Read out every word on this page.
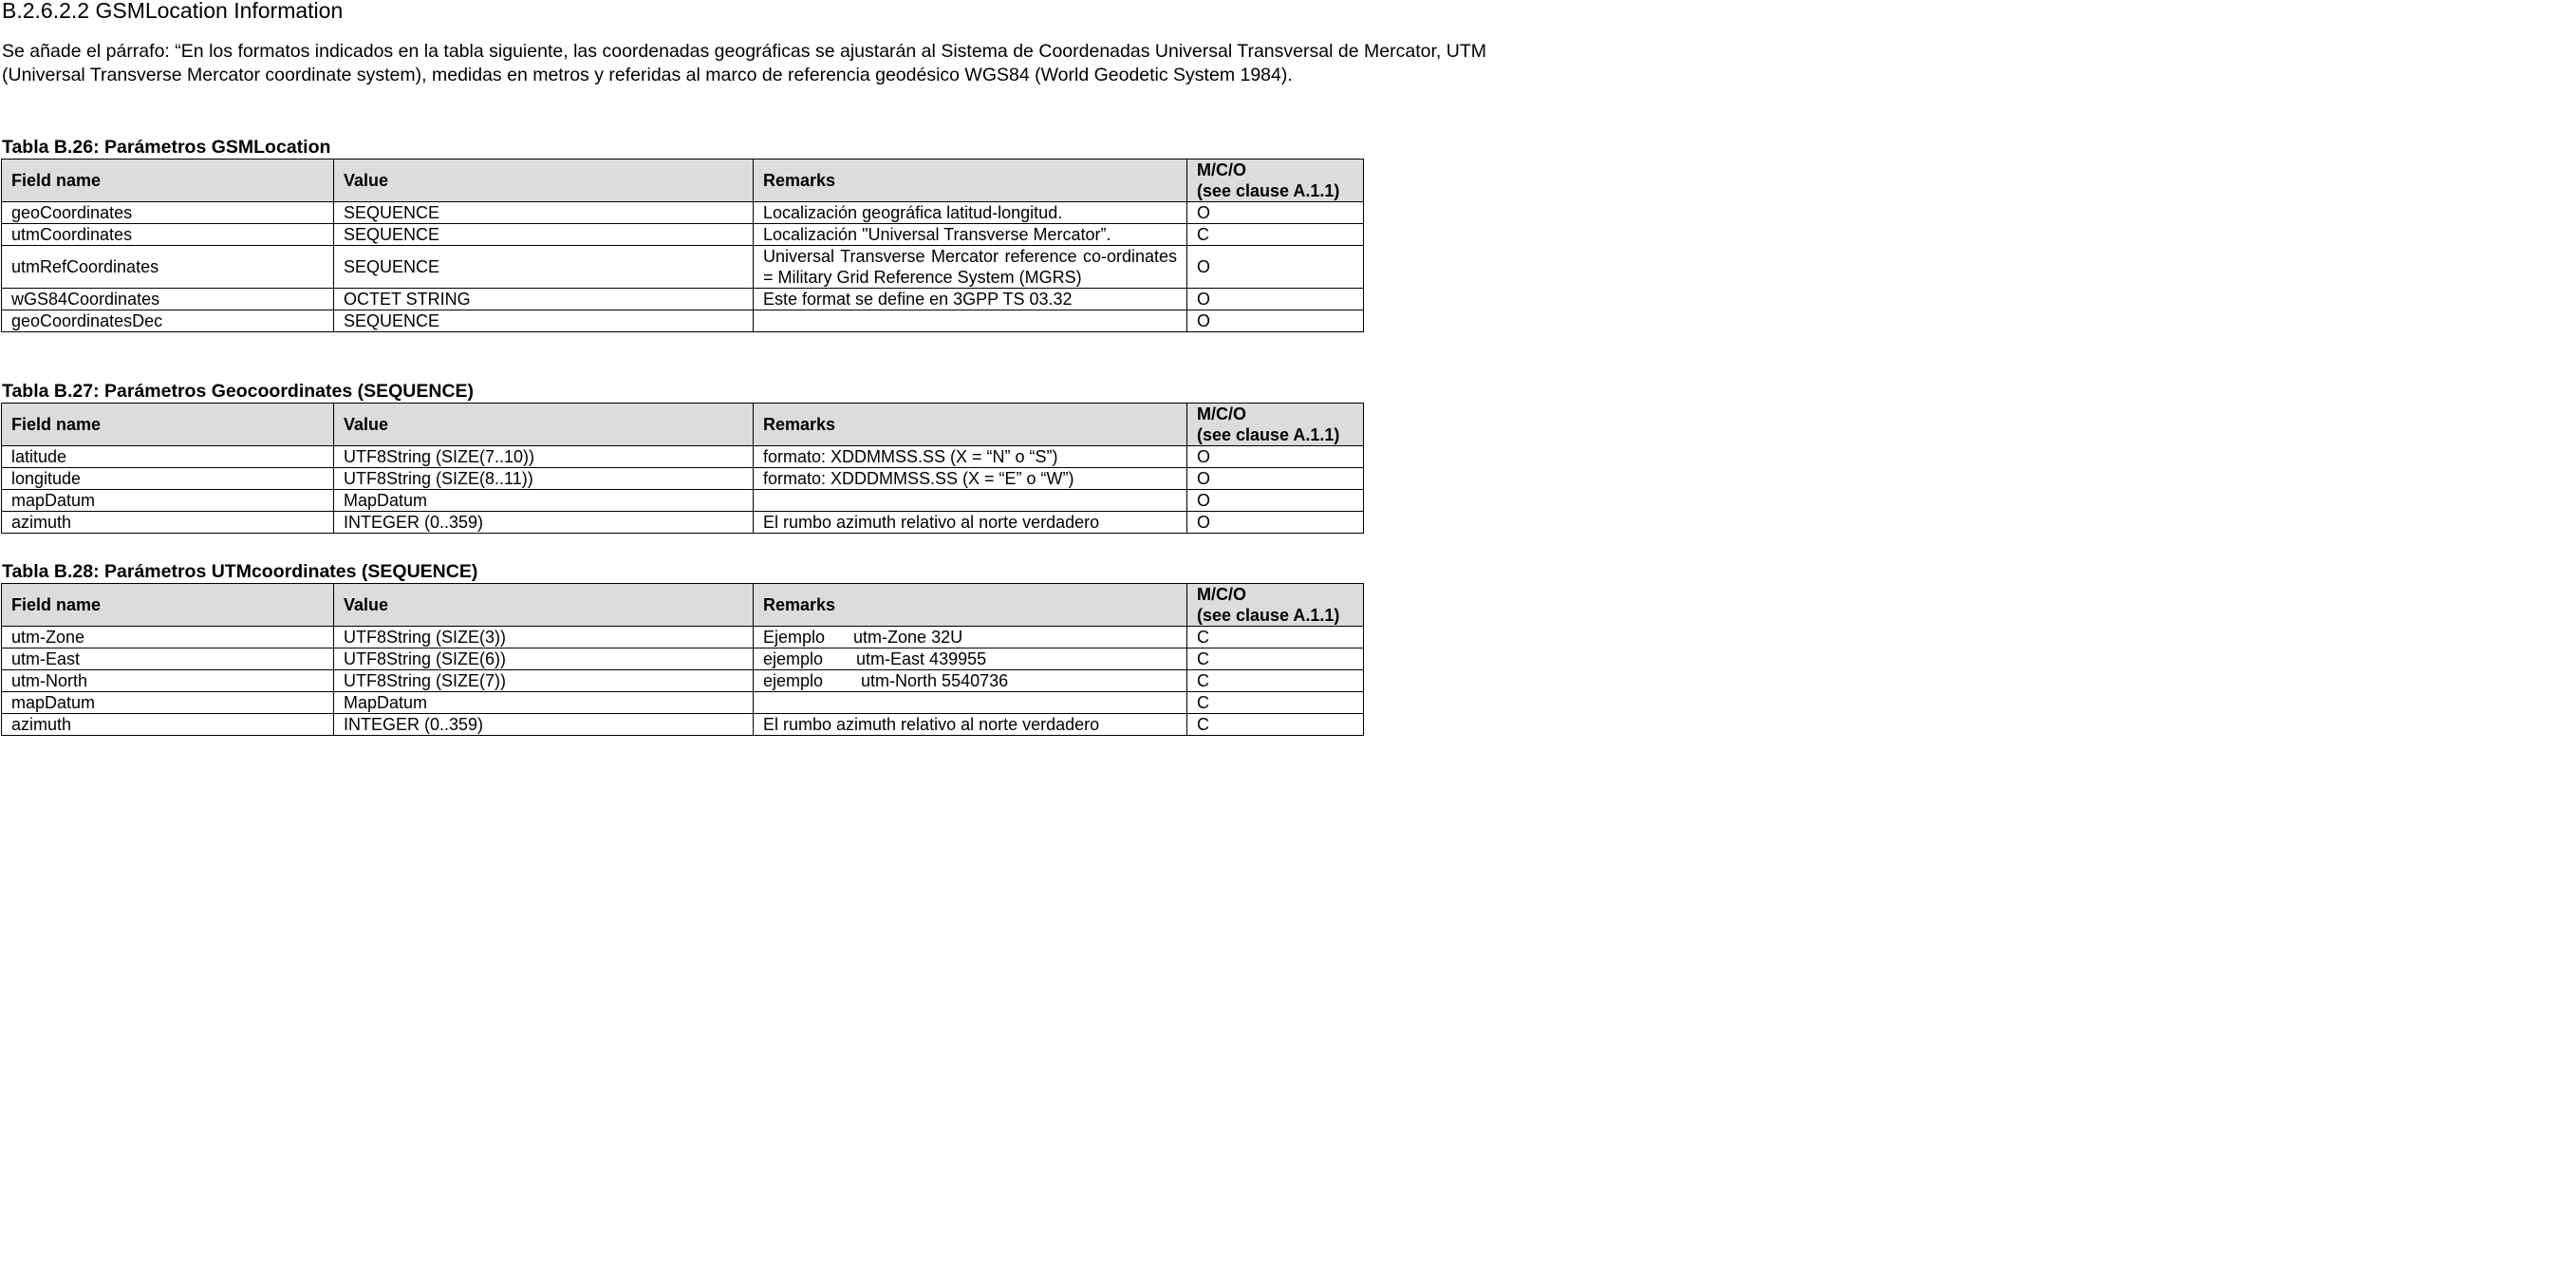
B.2.6.2.2 GSMLocation Information

Se añade el párrafo: “En los formatos indicados en la tabla siguiente, las coordenadas geográficas se ajustarán al Sistema de Coordenadas Universal Transversal de Mercator, UTM (Universal Transverse Mercator coordinate system), medidas en metros y referidas al marco de referencia geodésico WGS84 (World Geodetic System 1984).

Tabla B.26: Parámetros GSMLocation
Field name	Value	Remarks	M/C/O
(see clause A.1.1)

geoCoordinates	SEQUENCE	Localización geográfica latitud-longitud.	O
utmCoordinates	SEQUENCE	Localización "Universal Transverse Mercator”.	C
utmRefCoordinates	SEQUENCE	Universal Transverse Mercator reference co-ordinates = Military Grid Reference System (MGRS)	O
wGS84Coordinates	OCTET STRING	Este format se define en 3GPP TS 03.32	O
geoCoordinatesDec	SEQUENCE		O
Tabla B.27: Parámetros Geocoordinates (SEQUENCE)
Field name	Value	Remarks	M/C/O
(see clause A.1.1)

latitude	UTF8String (SIZE(7..10))	formato: XDDMMSS.SS (X = “N” o “S”)	O
longitude	UTF8String (SIZE(8..11))	formato: XDDDMMSS.SS (X = “E” o “W”)	O
mapDatum	MapDatum		O
azimuth	INTEGER (0..359)	El rumbo azimuth relativo al norte verdadero	O
Tabla B.28: Parámetros UTMcoordinates (SEQUENCE)
Field name	Value	Remarks	M/C/O
(see clause A.1.1)

utm-Zone	UTF8String (SIZE(3))	Ejemplo      utm-Zone 32U	C
utm-East	UTF8String (SIZE(6))	ejemplo       utm-East 439955	C
utm-North	UTF8String (SIZE(7))	ejemplo        utm-North 5540736	C
mapDatum	MapDatum		C
azimuth	INTEGER (0..359)	El rumbo azimuth relativo al norte verdadero	C
